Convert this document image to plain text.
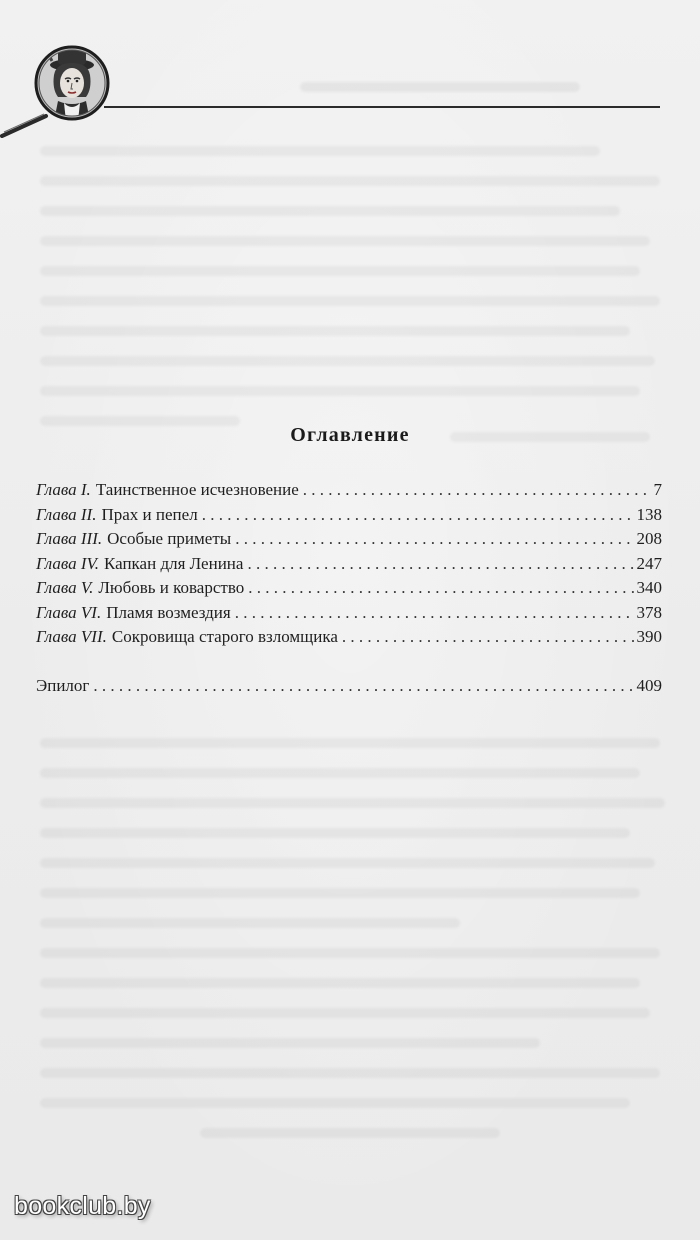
Оглавление
Глава I. Таинственное исчезновение . . .	7
Глава II. Прах и пепел . . .	138
Глава III. Особые приметы . . .	208
Глава IV. Капкан для Ленина . . .	247
Глава V. Любовь и коварство . . .	340
Глава VI. Пламя возмездия . . .	378
Глава VII. Сокровища старого взломщика . . .	390
Эпилог . . .	409
bookclub.by
